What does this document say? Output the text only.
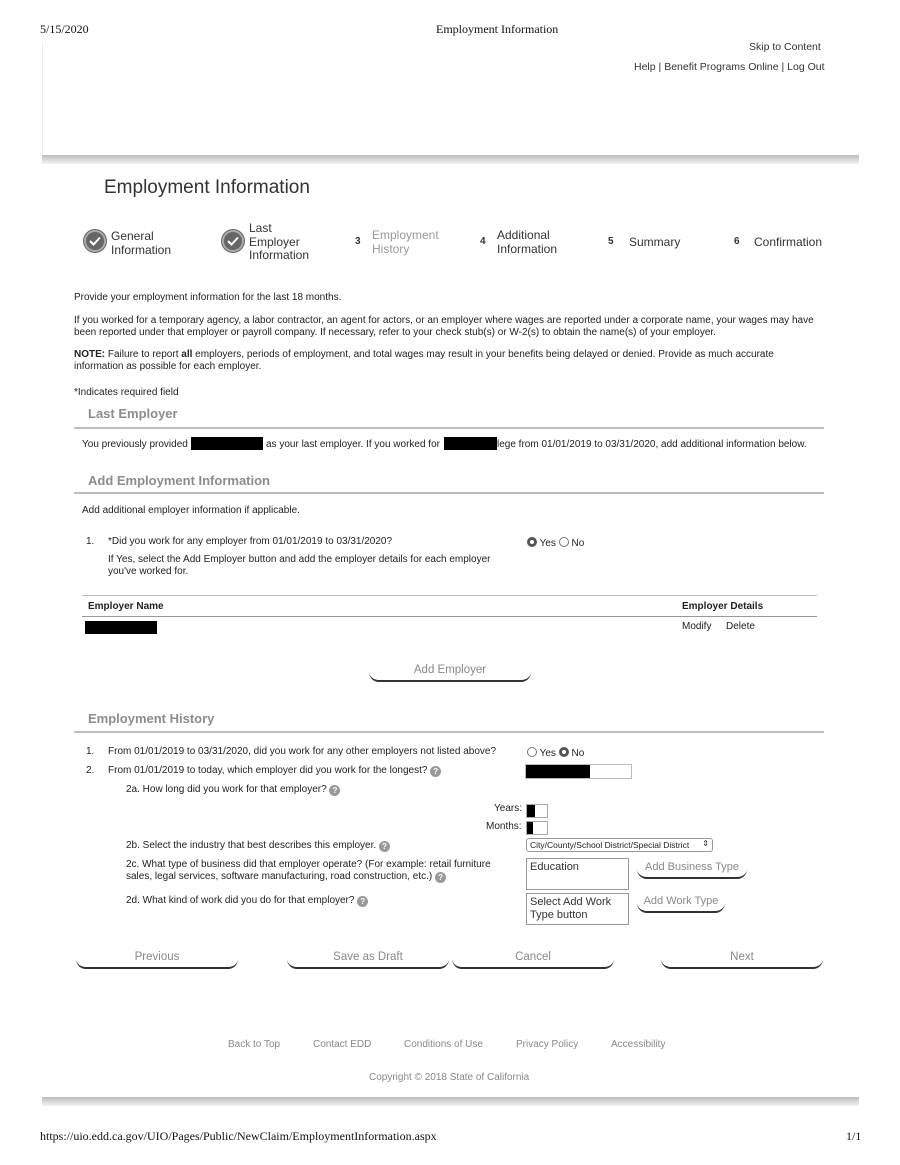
5/15/2020	Employment Information
Skip to Content
Help | Benefit Programs Online | Log Out
Employment Information
General
Information
Last
Employer
Information
3 Employment
History	4 Additional
Information	5 Summary	6 Confirmation
Provide your employment information for the last 18 months.
If you worked for a temporary agency, a labor contractor, an agent for actors, or an employer where wages are reported under a corporate name, your wages may have been reported under that employer or payroll company. If necessary, refer to your check stub(s) or W-2(s) to obtain the name(s) of your employer.
NOTE: Failure to report all employers, periods of employment, and total wages may result in your benefits being delayed or denied. Provide as much accurate information as possible for each employer.
*Indicates required field
Last Employer
You previously provided	as your last employer. If you worked for	lege from 01/01/2019 to 03/31/2020, add additional information below.
Add Employment Information
Add additional employer information if applicable.
1. *Did you work for any employer from 01/01/2019 to 03/31/2020?
If Yes, select the Add Employer button and add the employer details for each employer you've worked for.
Yes No
Employer Name	Employer Details
Modify Delete
Add Employer
Employment History
1. From 01/01/2019 to 03/31/2020, did you work for any other employers not listed above?	Yes No
2. From 01/01/2019 to today, which employer did you work for the longest? ?
2a. How long did you work for that employer? ?
Years:
Months:
2b. Select the industry that best describes this employer. ?	City/County/School District/Special District ⇕
2c. What type of business did that employer operate? (For example: retail furniture sales, legal services, software manufacturing, road construction, etc.) ?
Education	Add Business Type
2d. What kind of work did you do for that employer? ?	Select Add Work Type button
Add Work Type
Previous	Save as Draft	Cancel	Next
Back to Top	Contact EDD	Conditions of Use	Privacy Policy	Accessibility
Copyright © 2018 State of California
https://uio.edd.ca.gov/UIO/Pages/Public/NewClaim/EmploymentInformation.aspx	1/1
